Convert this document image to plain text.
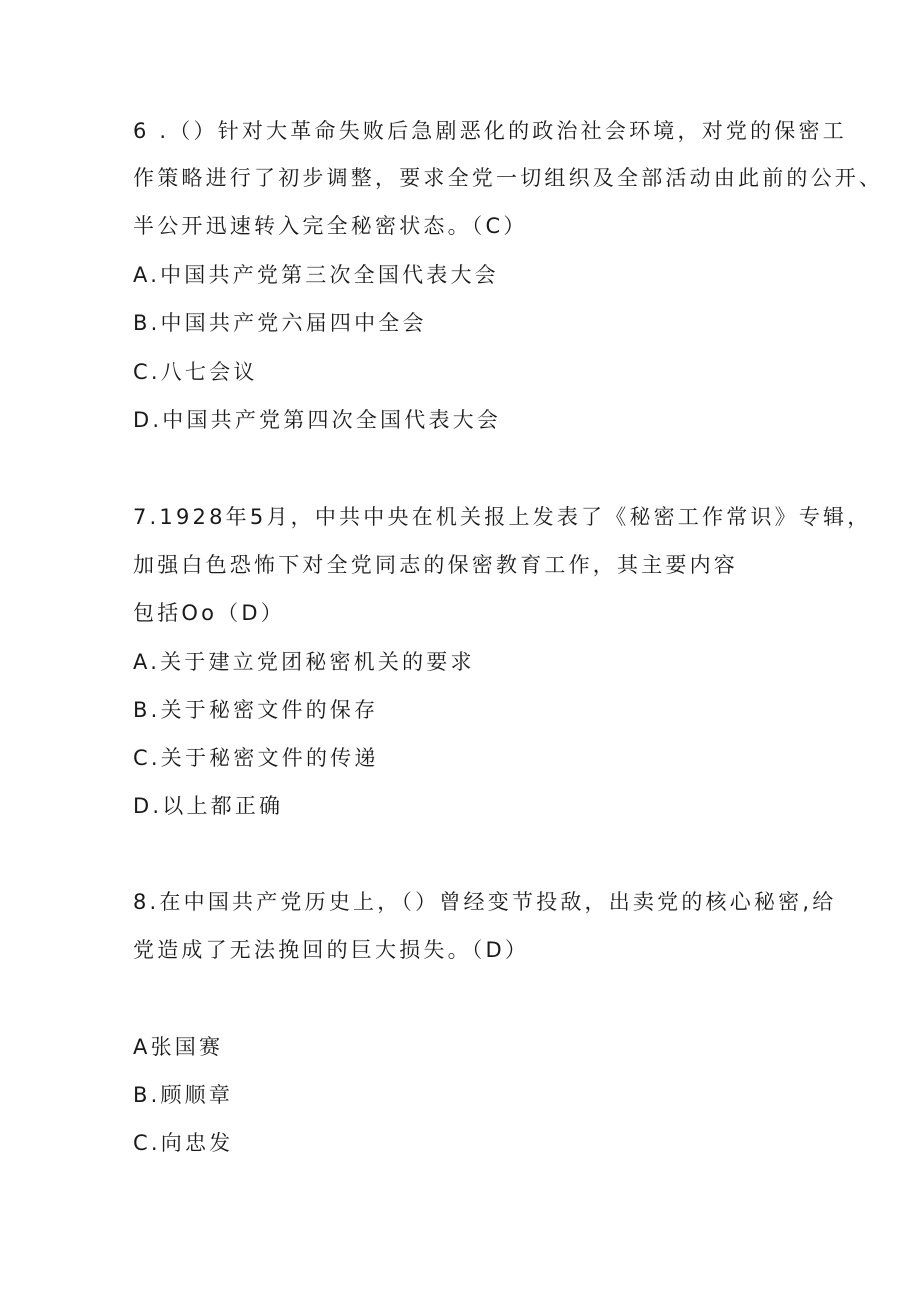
6 .（）针对大革命失败后急剧恶化的政治社会环境，对党的保密工
作策略进行了初步调整，要求全党一切组织及全部活动由此前的公开、
半公开迅速转入完全秘密状态。（C）
A.中国共产党第三次全国代表大会
B.中国共产党六届四中全会
C.八七会议
D.中国共产党第四次全国代表大会
7.1928年5月，中共中央在机关报上发表了《秘密工作常识》专辑，
加强白色恐怖下对全党同志的保密教育工作，其主要内容
包括Oo（D）
A.关于建立党团秘密机关的要求
B.关于秘密文件的保存
C.关于秘密文件的传递
D.以上都正确
8.在中国共产党历史上，（）曾经变节投敌，出卖党的核心秘密,给
党造成了无法挽回的巨大损失。（D）
A张国赛
B.顾顺章
C.向忠发
